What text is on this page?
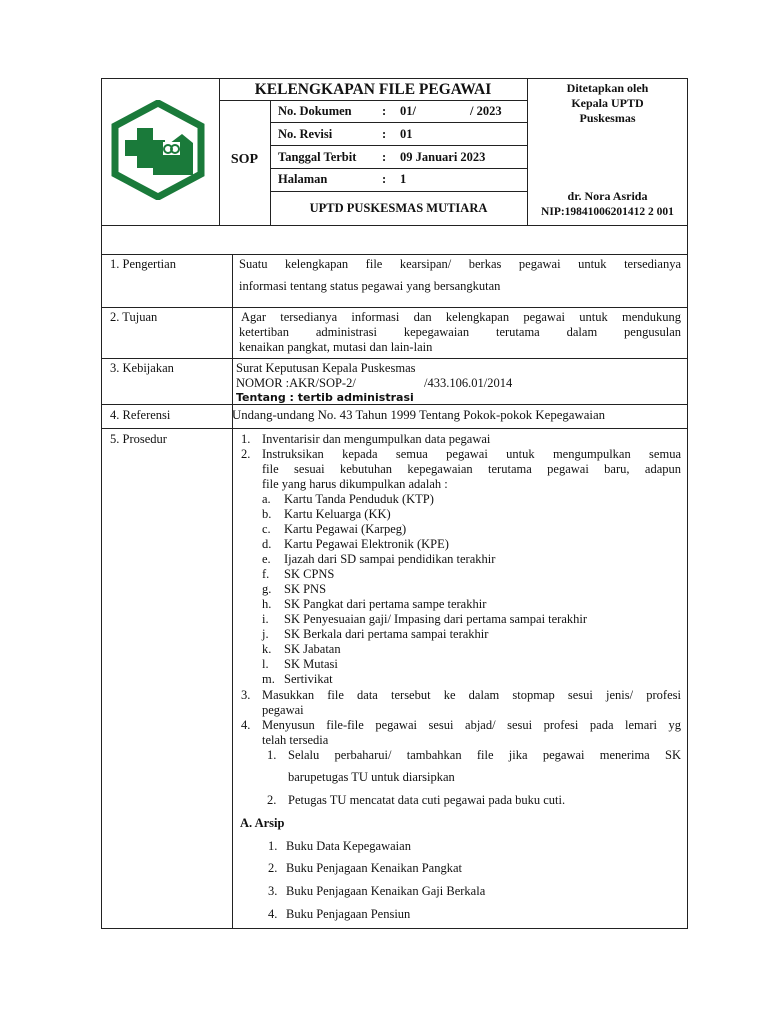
KELENGKAPAN FILE PEGAWAI
SOP
No. Dokumen : 01/	/ 2023
No. Revisi	: 01
Tanggal Terbit : 09 Januari 2023
Halaman	: 1
UPTD PUSKESMAS MUTIARA
Ditetapkan oleh
Kepala UPTD
Puskesmas
dr. Nora Asrida
NIP:19841006201412 2 001
1. Pengertian	Suatu kelengkapan file kearsipan/ berkas pegawai untuk tersedianya
informasi tentang status pegawai yang bersangkutan
2. Tujuan	Agar tersedianya informasi dan kelengkapan pegawai untuk mendukung
ketertiban administrasi kepegawaian terutama dalam pengusulan
kenaikan pangkat, mutasi dan lain-lain
3. Kebijakan	Surat Keputusan Kepala Puskesmas
NOMOR :AKR/SOP-2/	/433.106.01/2014
Tentang : tertib administrasi
4. Referensi	Undang-undang No. 43 Tahun 1999 Tentang Pokok-pokok Kepegawaian
5. Prosedur	1. Inventarisir dan mengumpulkan data pegawai
2. Instruksikan kepada semua pegawai untuk mengumpulkan semua
file sesuai kebutuhan kepegawaian terutama pegawai baru, adapun
file yang harus dikumpulkan adalah :
a. Kartu Tanda Penduduk (KTP)
b. Kartu Keluarga (KK)
c. Kartu Pegawai (Karpeg)
d. Kartu Pegawai Elektronik (KPE)
e. Ijazah dari SD sampai pendidikan terakhir
f. SK CPNS
g. SK PNS
h. SK Pangkat dari pertama sampe terakhir
i. SK Penyesuaian gaji/ Impasing dari pertama sampai terakhir
j. SK Berkala dari pertama sampai terakhir
k. SK Jabatan
l. SK Mutasi
m. Sertivikat
3. Masukkan file data tersebut ke dalam stopmap sesui jenis/ profesi
pegawai
4. Menyusun file-file pegawai sesui abjad/ sesui profesi pada lemari yg
telah tersedia
1. Selalu perbaharui/ tambahkan file jika pegawai menerima SK
barupetugas TU untuk diarsipkan
2. Petugas TU mencatat data cuti pegawai pada buku cuti.
A. Arsip
1. Buku Data Kepegawaian
2. Buku Penjagaan Kenaikan Pangkat
3. Buku Penjagaan Kenaikan Gaji Berkala
4. Buku Penjagaan Pensiun
